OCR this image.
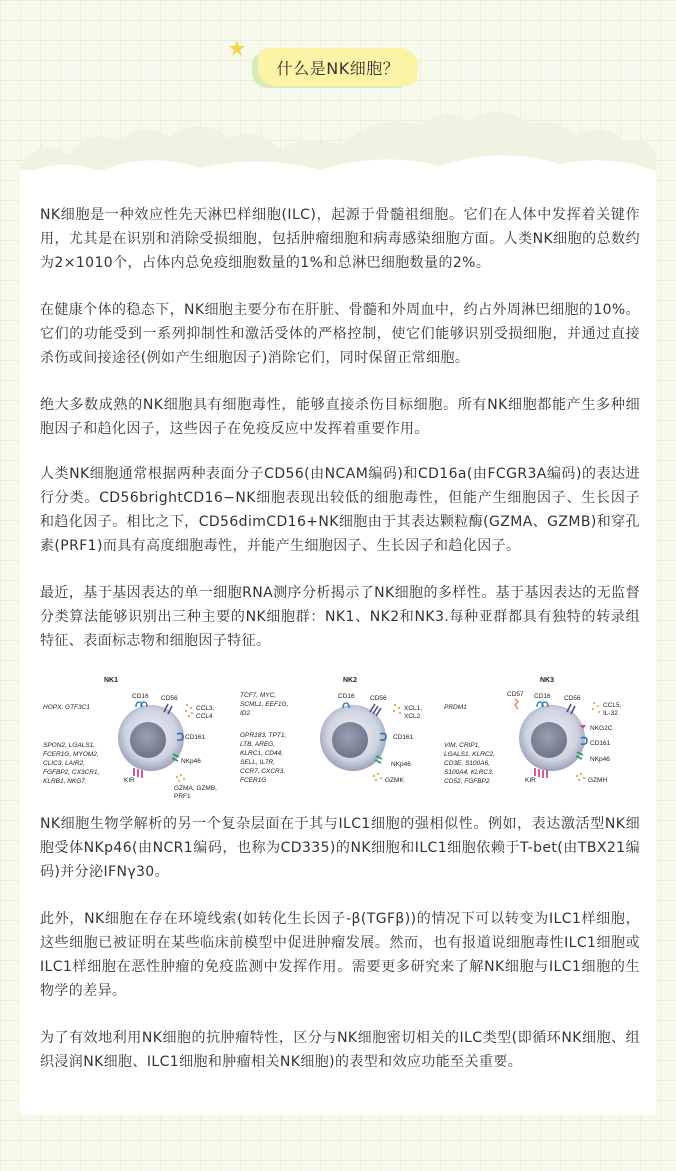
什么是NK细胞？

NK细胞是一种效应性先天淋巴样细胞(ILC)，起源于骨髓祖细胞。它们在人体中发挥着关键作用，尤其是在识别和消除受损细胞，包括肿瘤细胞和病毒感染细胞方面。人类NK细胞的总数约为2×1010个，占体内总免疫细胞数量的1%和总淋巴细胞数量的2%。

在健康个体的稳态下，NK细胞主要分布在肝脏、骨髓和外周血中，约占外周淋巴细胞的10%。它们的功能受到一系列抑制性和激活受体的严格控制，使它们能够识别受损细胞，并通过直接杀伤或间接途径(例如产生细胞因子)消除它们，同时保留正常细胞。

绝大多数成熟的NK细胞具有细胞毒性，能够直接杀伤目标细胞。所有NK细胞都能产生多种细胞因子和趋化因子，这些因子在免疫反应中发挥着重要作用。

人类NK细胞通常根据两种表面分子CD56(由NCAM编码)和CD16a(由FCGR3A编码)的表达进行分类。CD56brightCD16−NK细胞表现出较低的细胞毒性，但能产生细胞因子、生长因子和趋化因子。相比之下，CD56dimCD16+NK细胞由于其表达颗粒酶(GZMA、GZMB)和穿孔素(PRF1)而具有高度细胞毒性，并能产生细胞因子、生长因子和趋化因子。

最近，基于基因表达的单一细胞RNA测序分析揭示了NK细胞的多样性。基于基因表达的无监督分类算法能够识别出三种主要的NK细胞群：NK1、NK2和NK3.每种亚群都具有独特的转录组特征、表面标志物和细胞因子特征。

NK1
HOPX, GTF3C1
SPON2, LGALS1,
FCER1G, MYOM2,
CLIC3, LAIR2,
FGFBP2, CX3CR1,
KLRB1, NKG7
CD16 CD56
CD161
NKp46
KIR
CCL3,
CCL4
GZMA, GZMB,
PRF1
NK2
TCF7, MYC,
SCML1, EEF1G,
ID2
GPR183, TPT1,
LTB, AREG,
KLRC1, CD44,
SELL, IL7R,
CCR7, CXCR3,
FCER1G
CD16 CD56
CD161
NKp46
XCL1,
XCL2
GZMK
NK3
PRDM1
VIM, CRIP1,
LGALS1, KLRC2,
CD3E, S100A6,
S100A4, KLRC3,
CD52, FGFBP2
CD57 CD16 CD56
NKG2C
CD161
NKp46
KIR
CCL5,
IL-32
GZMH

NK细胞生物学解析的另一个复杂层面在于其与ILC1细胞的强相似性。例如，表达激活型NK细胞受体NKp46(由NCR1编码，也称为CD335)的NK细胞和ILC1细胞依赖于T-bet(由TBX21编码)并分泌IFNγ30。

此外，NK细胞在存在环境线索(如转化生长因子-β(TGFβ))的情况下可以转变为ILC1样细胞，这些细胞已被证明在某些临床前模型中促进肿瘤发展。然而，也有报道说细胞毒性ILC1细胞或ILC1样细胞在恶性肿瘤的免疫监测中发挥作用。需要更多研究来了解NK细胞与ILC1细胞的生物学的差异。

为了有效地利用NK细胞的抗肿瘤特性，区分与NK细胞密切相关的ILC类型(即循环NK细胞、组织浸润NK细胞、ILC1细胞和肿瘤相关NK细胞)的表型和效应功能至关重要。
